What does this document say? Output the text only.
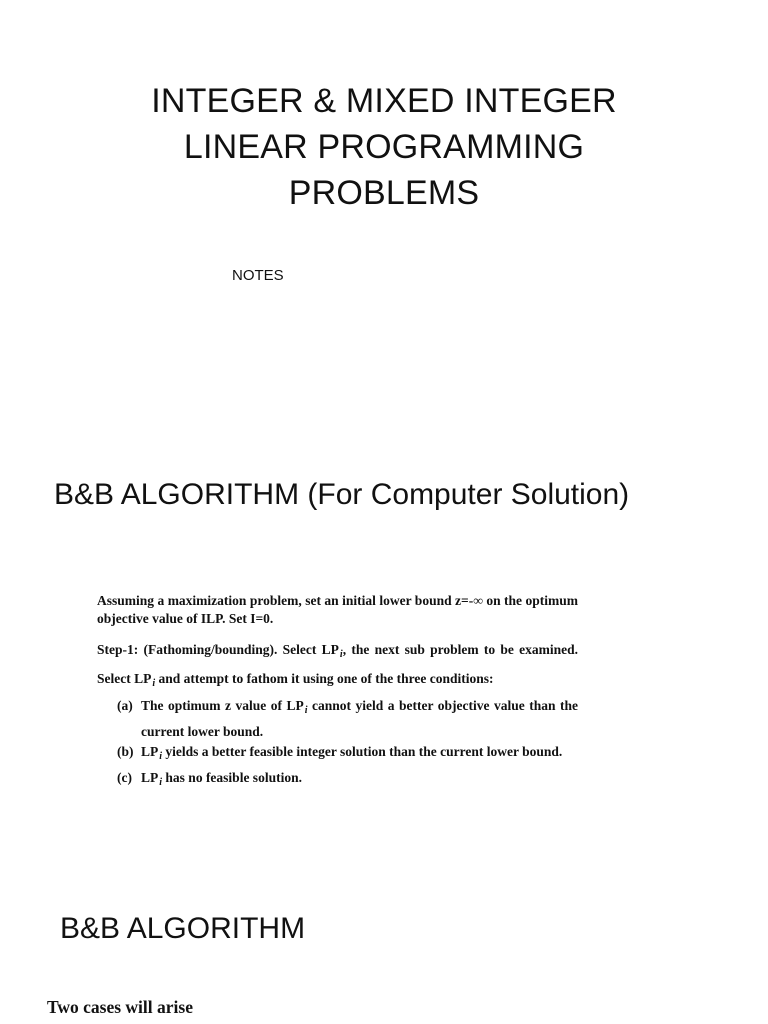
INTEGER & MIXED INTEGER
LINEAR PROGRAMMING
PROBLEMS
NOTES
B&B ALGORITHM (For Computer Solution)

Assuming a maximization problem, set an initial lower bound z=-∞ on the optimum objective value of ILP. Set I=0.

Step-1: (Fathoming/bounding). Select $LP_i$, the next sub problem to be examined. Select $LP_i$ and attempt to fathom it using one of the three conditions:

(a) The optimum z value of $LP_i$ cannot yield a better objective value than the current lower bound.
(b) $LP_i$ yields a better feasible integer solution than the current lower bound.
(c) $LP_i$ has no feasible solution.
B&B ALGORITHM
Two cases will arise
